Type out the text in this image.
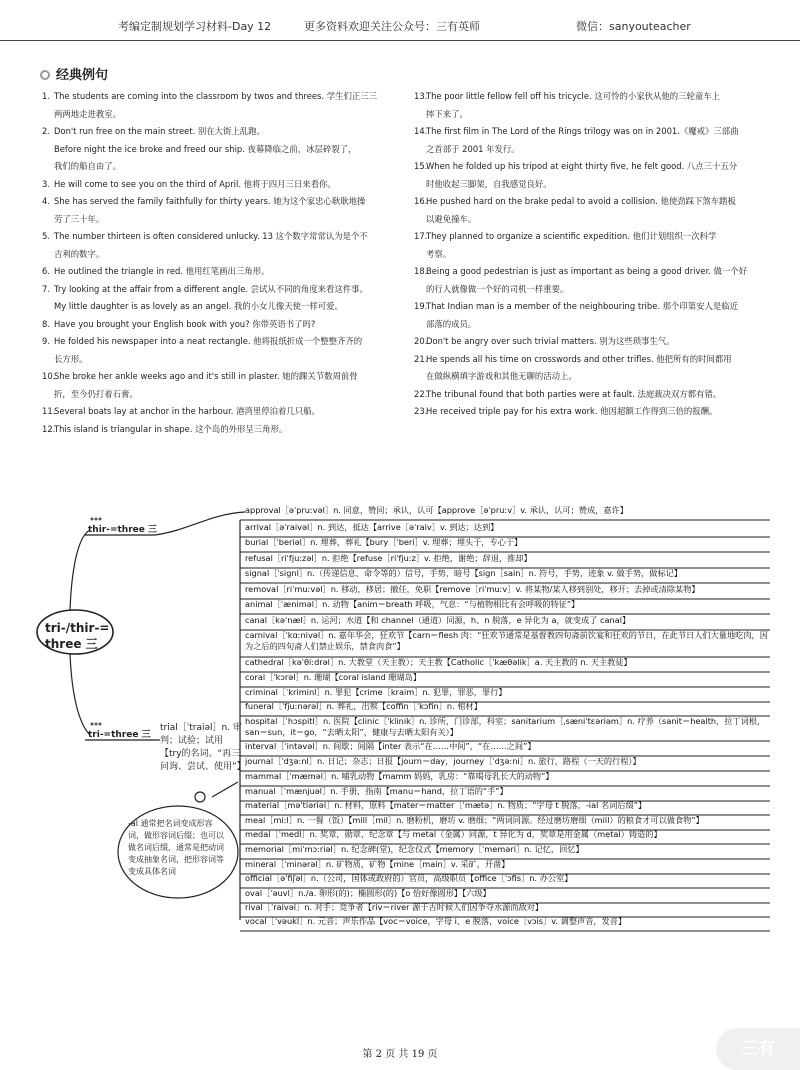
考编定制规划学习材料-Day 12	更多资料欢迎关注公众号：三有英师	微信：sanyouteacher
经典例句
1. The students are coming into the classroom by twos and threes. 学生们正三三
两两地走进教室。
2. Don't run free on the main street. 别在大街上乱跑。
Before night the ice broke and freed our ship. 夜幕降临之前，冰层碎裂了，
我们的船自由了。
3. He will come to see you on the third of April. 他将于四月三日来看你。
4. She has served the family faithfully for thirty years. 她为这个家忠心耿耿地操
劳了三十年。
5. The number thirteen is often considered unlucky. 13 这个数字常常认为是个不
吉利的数字。
6. He outlined the triangle in red. 他用红笔画出三角形。
7. Try looking at the affair from a different angle. 尝试从不同的角度来看这件事。
My little daughter is as lovely as an angel. 我的小女儿像天使一样可爱。
8. Have you brought your English book with you? 你带英语书了吗?
9. He folded his newspaper into a neat rectangle. 他将报纸折成一个整整齐齐的
长方形。
10.
She broke her ankle weeks ago and it's still in plaster. 她的踝关节数周前骨
折，至今仍打着石膏。
11.
Several boats lay at anchor in the harbour. 港湾里停泊着几只船。
12.
This island is triangular in shape. 这个岛的外形呈三角形。
13.
The poor little fellow fell off his tricycle. 这可怜的小家伙从他的三轮童车上
摔下来了。
14.
The first film in The Lord of the Rings trilogy was on in 2001.《魔戒》三部曲
之首部于 2001 年发行。
15.
When he folded up his tripod at eight thirty five, he felt good. 八点三十五分
时他收起三脚架，自我感觉良好。
16.
He pushed hard on the brake pedal to avoid a collision. 他使劲踩下煞车踏板
以避免撞车。
17.
They planned to organize a scientific expedition. 他们计划组织一次科学
考察。
18.
Being a good pedestrian is just as important as being a good driver. 做一个好
的行人就像做一个好的司机一样重要。
19.
That Indian man is a member of the neighbouring tribe. 那个印第安人是临近
部落的成员。
20.
Don't be angry over such trivial matters. 别为这些琐事生气。
21.
He spends all his time on crosswords and other trifles. 他把所有的时间都用
在做纵横填字游戏和其他无聊的活动上。
22.
The tribunal found that both parties were at fault. 法庭裁决双方都有错。
23.
He received triple pay for his extra work. 他因超额工作得到三倍的报酬。
tri-/thir-=
three 三
thir-=three 三
tri-=three 三
trial［ˈtraiəl］n. 审判；试验；试用【try的名词。“再三问询、尝试、使用”】
-al 通常把名词变成形容词，做形容词后缀；也可以做名词后缀，通常是把动词变成抽象名词，把形容词等变成具体名词
approval［əˈpruːvəl］n. 同意，赞同；承认，认可【approve［əˈpruːv］v. 承认，认可；赞成，嘉许】
arrival［əˈraivəl］n. 到达，抵达【arrive［əˈraiv］v. 到达；达到】
burial［ˈberiəl］n. 埋葬，葬礼【bury［ˈberi］v. 埋葬；埋头于，专心于】
refusal［riˈfjuːzəl］n. 拒绝【refuse［riˈfjuːz］v. 拒绝，谢绝；辞退，推却】
signal［ˈsignl］n.（传递信息、命令等的）信号，手势，暗号【sign［sain］n. 符号，手势，迹象 v. 做手势，做标记】
removal［riˈmuːvəl］n. 移动，移居；撤任，免职【remove［riˈmuːv］v. 将某物/某人移到别处，移开；去掉或清除某物】
animal［ˈæniməl］n. 动物【anim＝breath 呼吸，气息：“与植物相比有会呼吸的特征”】
canal［kəˈnæl］n. 运河；水道【和 channel（通道）同源，h、n 脱落，e 异化为 a，就变成了 canal】
carnival［ˈkɑːnivəl］n. 嘉年华会，狂欢节【carn＝flesh 肉：“狂欢节通常是基督教四旬斋前饮宴和狂欢的节日，在此节日人们大量地吃肉，因为之后的四旬斋人们禁止娱乐，禁食肉食”】
cathedral［kəˈθiːdrəl］n. 大教堂（天主教）；天主教【Catholic［ˈkæθəlik］a. 天主教的 n. 天主教徒】
coral［ˈkɔrəl］n. 珊瑚【coral island 珊瑚岛】
criminal［ˈkriminl］n. 罪犯【crime［kraim］n. 犯罪，罪恶，罪行】
funeral［ˈfjuːnərəl］n. 葬礼，出殡【coffin［ˈkɔfin］n. 棺材】
hospital［ˈhɔspitl］n. 医院【clinic［ˈklinik］n. 诊所，门诊部，科室；sanitarium［ˌsæniˈtɛəriəm］n. 疗养（sanit＝health，拉丁词根，san＝sun，it＝go，“去晒太阳”，健康与去晒太阳有关）】
interval［ˈintəvəl］n. 间歇；间隔【inter 表示“在……中间”，“在……之间”】
journal［ˈdʒəːnl］n. 日记；杂志；日报【journ＝day，journey［ˈdʒəːni］n. 旅行，路程（一天的行程）】
mammal［ˈmæməl］n. 哺乳动物【mamm 妈妈，乳房：“靠喝母乳长大的动物”】
manual［ˈmænjuəl］n. 手册，指南【manu＝hand，拉丁语的“手”】
material［məˈtiəriəl］n. 材料，原料【mater＝matter［ˈmætə］n. 物质；“字母 t 脱落，-ial 名词后缀”】
meal［miːl］n. 一餐（饭）【mill［mil］n. 磨粉机，磨坊 v. 磨细；“两词同源。经过磨坊磨细（mill）的粮食才可以做食物”】
medal［ˈmedl］n. 奖章，勋章，纪念章【与 metal（金属）同源，t 异化为 d，奖章是用金属（metal）铸造的】
memorial［miˈmɔːriəl］n. 纪念碑(堂)，纪念仪式【memory［ˈmeməri］n. 记忆，回忆】
mineral［ˈminərəl］n. 矿物质，矿物【mine［main］v. 采矿，开凿】
official［əˈfiʃəl］n.（公司，国体或政府的）官员，高级职员【office［ˈɔfis］n. 办公室】
oval［ˈəuvl］n./a. 卵形(的)；椭圆形(的)【o 恰好像圆形】【六级】
rival［ˈraivəl］n. 对手；竞争者【riv＝river 源于古时候人们因争夺水源而敌对】
vocal［ˈvəukl］n. 元音；声乐作品【voc＝voice，字母 i、e 脱落，voice［vɔis］v. 调整声音，发音】
第 2 页 共 19 页	三有
